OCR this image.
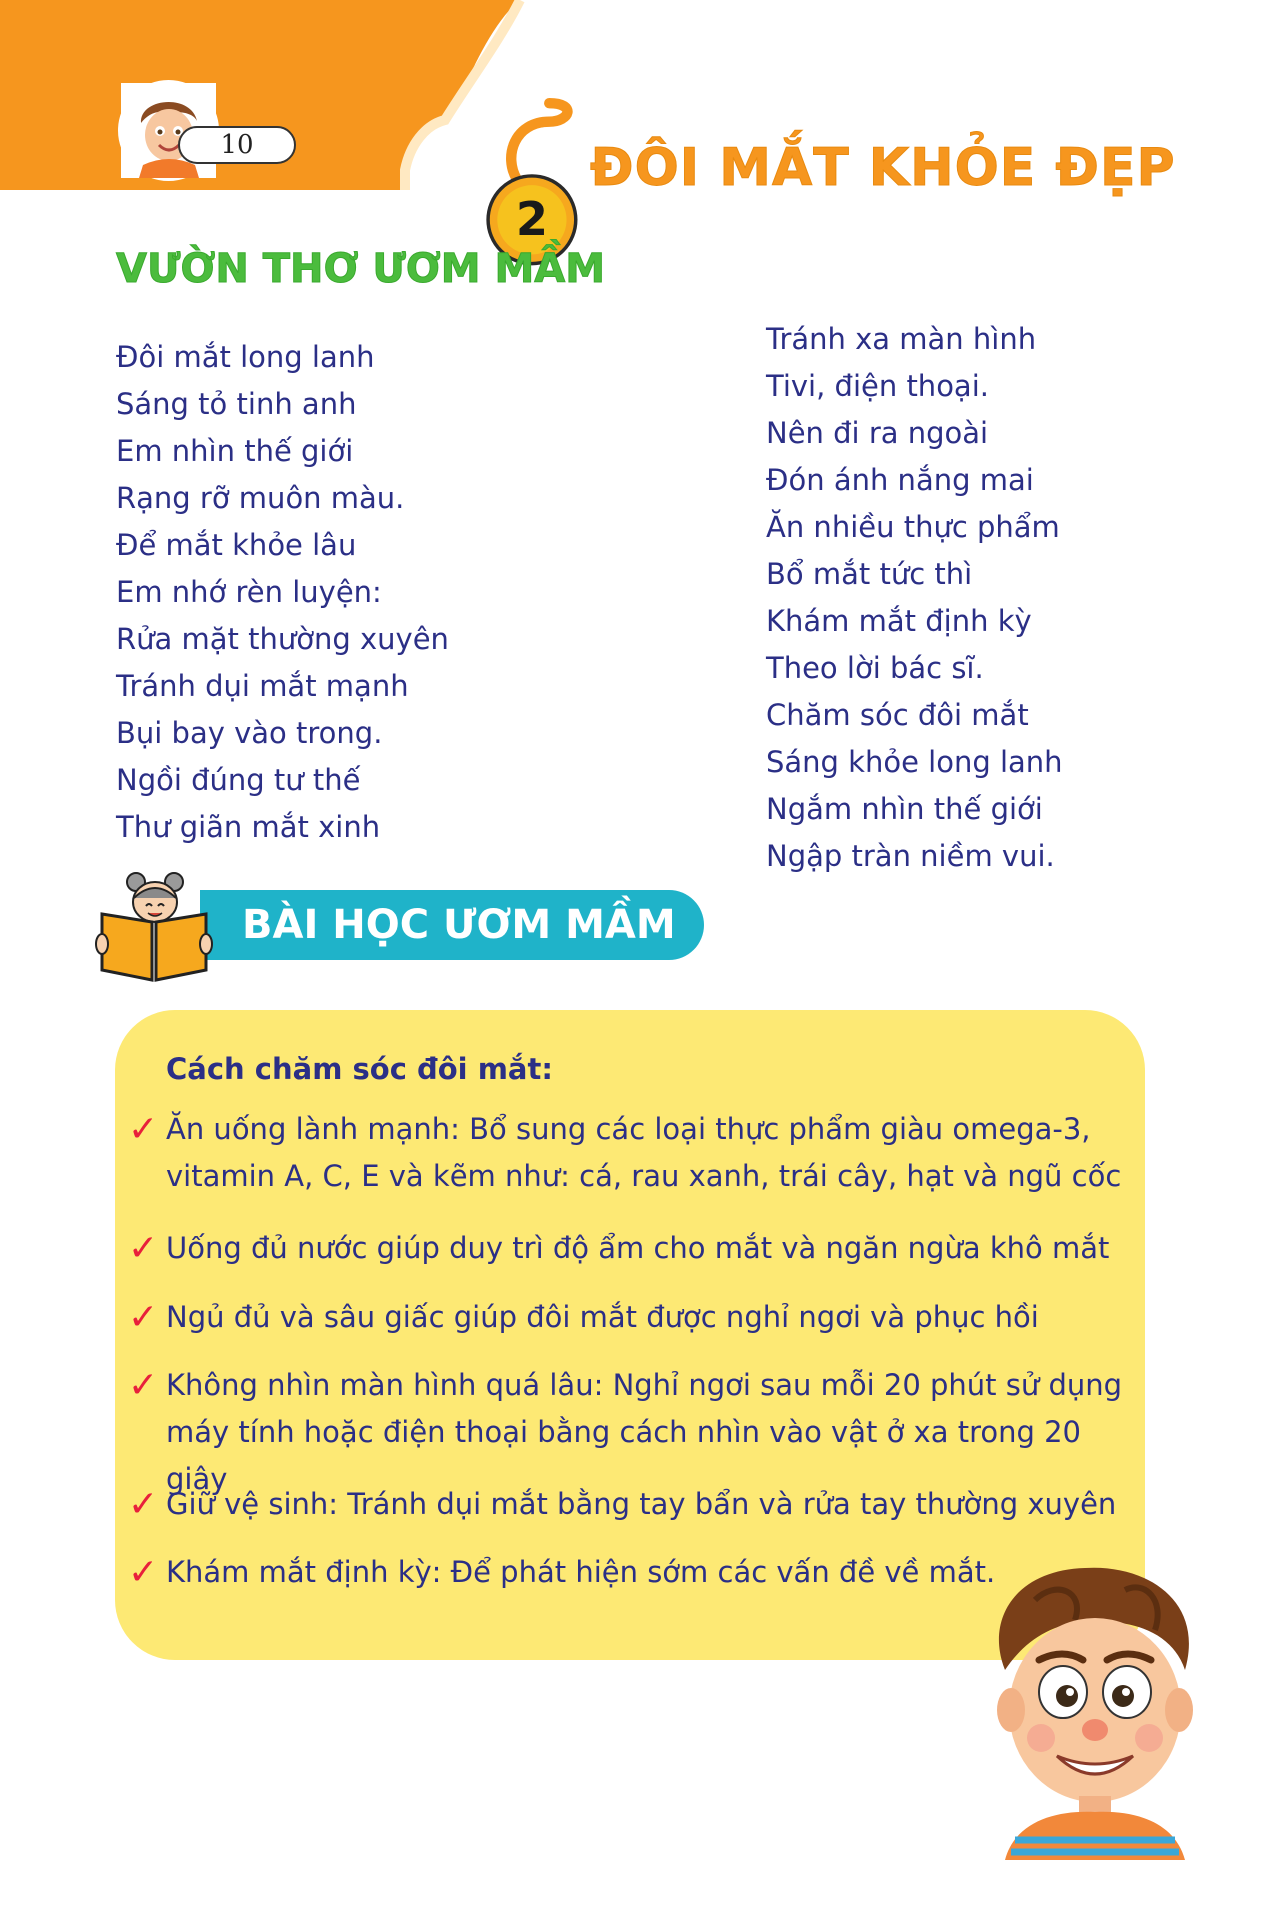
10
2
ĐÔI MẮT KHỎE ĐẸP
VƯỜN THƠ ƯƠM MẦM
Đôi mắt long lanh
Sáng tỏ tinh anh
Em nhìn thế giới
Rạng rỡ muôn màu.
Để mắt khỏe lâu
Em nhớ rèn luyện:
Rửa mặt thường xuyên
Tránh dụi mắt mạnh
Bụi bay vào trong.
Ngồi đúng tư thế
Thư giãn mắt xinh
Tránh xa màn hình
Tivi, điện thoại.
Nên đi ra ngoài
Đón ánh nắng mai
Ăn nhiều thực phẩm
Bổ mắt tức thì
Khám mắt định kỳ
Theo lời bác sĩ.
Chăm sóc đôi mắt
Sáng khỏe long lanh
Ngắm nhìn thế giới
Ngập tràn niềm vui.
BÀI HỌC ƯƠM MẦM
Cách chăm sóc đôi mắt:
✓ Ăn uống lành mạnh: Bổ sung các loại thực phẩm giàu omega-3, vitamin A, C, E và kẽm như: cá, rau xanh, trái cây, hạt và ngũ cốc
✓ Uống đủ nước giúp duy trì độ ẩm cho mắt và ngăn ngừa khô mắt
✓ Ngủ đủ và sâu giấc giúp đôi mắt được nghỉ ngơi và phục hồi
✓ Không nhìn màn hình quá lâu: Nghỉ ngơi sau mỗi 20 phút sử dụng máy tính hoặc điện thoại bằng cách nhìn vào vật ở xa trong 20 giây
✓ Giữ vệ sinh: Tránh dụi mắt bằng tay bẩn và rửa tay thường xuyên
✓ Khám mắt định kỳ: Để phát hiện sớm các vấn đề về mắt.
